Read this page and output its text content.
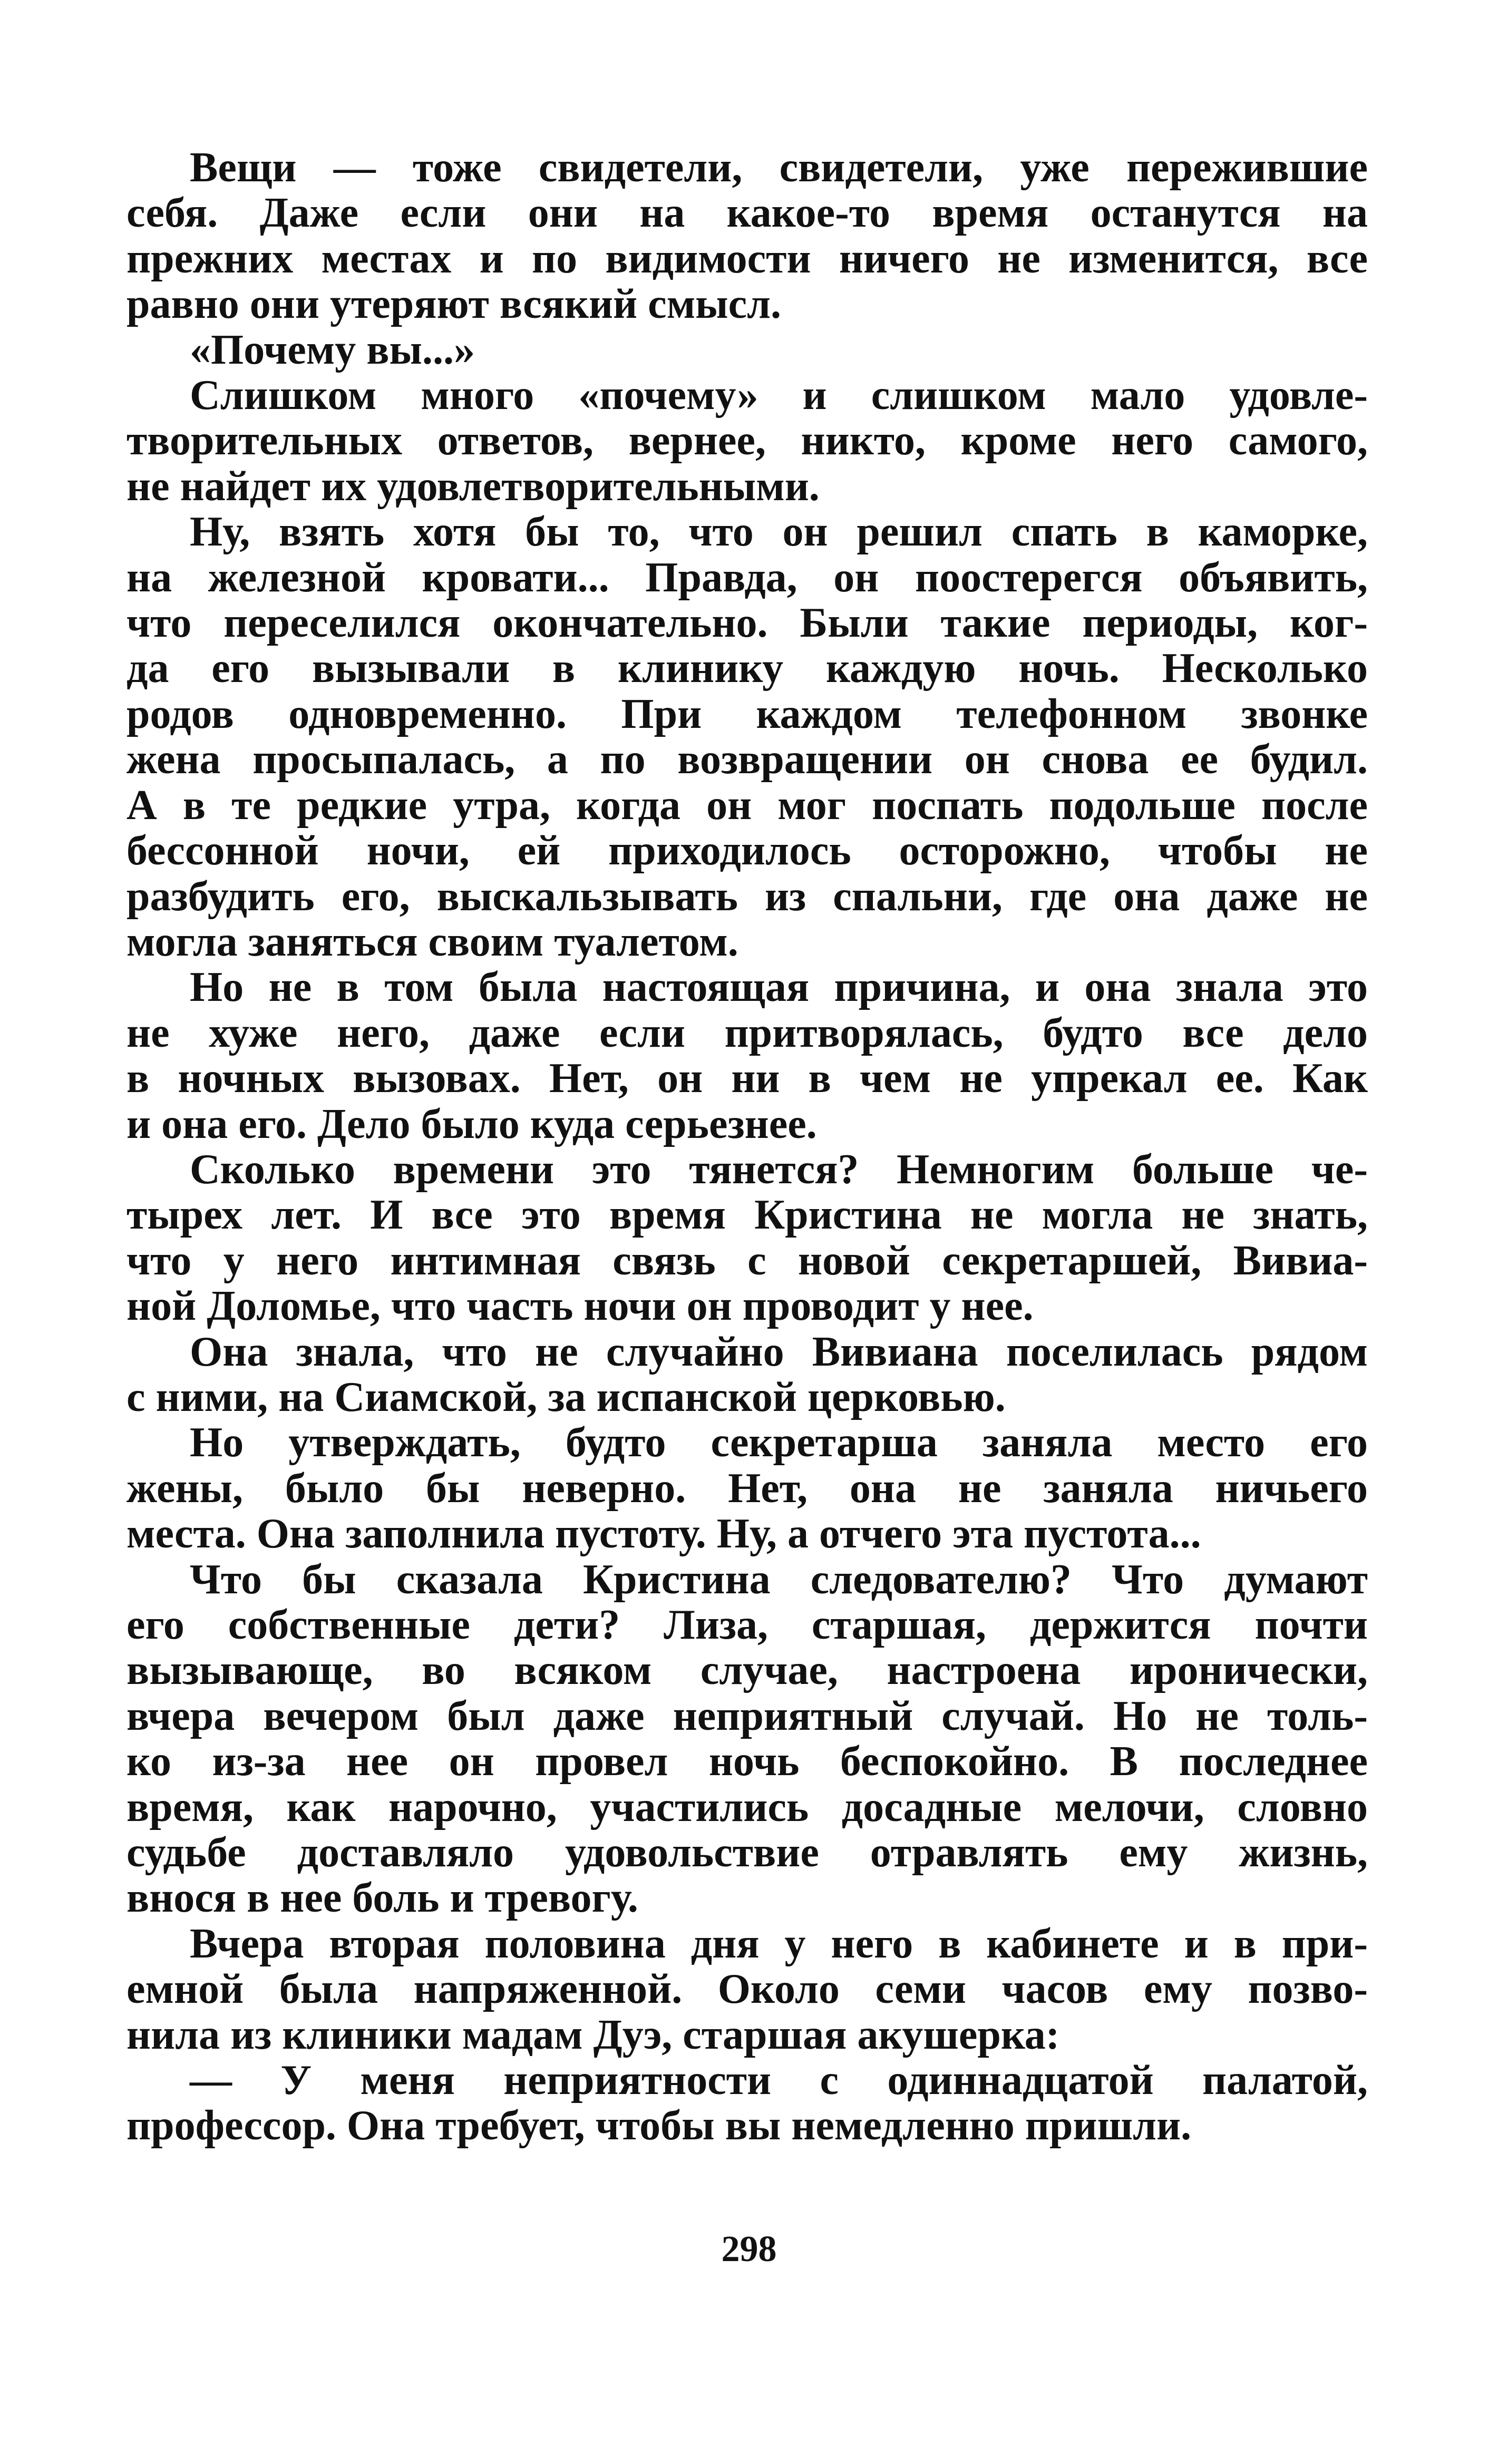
Вещи — тоже свидетели, свидетели, уже пережившие
себя. Даже если они на какое-то время останутся на
прежних местах и по видимости ничего не изменится, все
равно они утеряют всякий смысл.
«Почему вы...»
Слишком много «почему» и слишком мало удовле-
творительных ответов, вернее, никто, кроме него самого,
не найдет их удовлетворительными.
Ну, взять хотя бы то, что он решил спать в каморке,
на железной кровати... Правда, он поостерегся объявить,
что переселился окончательно. Были такие периоды, ког-
да его вызывали в клинику каждую ночь. Несколько
родов одновременно. При каждом телефонном звонке
жена просыпалась, а по возвращении он снова ее будил.
А в те редкие утра, когда он мог поспать подольше после
бессонной ночи, ей приходилось осторожно, чтобы не
разбудить его, выскальзывать из спальни, где она даже не
могла заняться своим туалетом.
Но не в том была настоящая причина, и она знала это
не хуже него, даже если притворялась, будто все дело
в ночных вызовах. Нет, он ни в чем не упрекал ее. Как
и она его. Дело было куда серьезнее.
Сколько времени это тянется? Немногим больше че-
тырех лет. И все это время Кристина не могла не знать,
что у него интимная связь с новой секретаршей, Вивиа-
ной Доломье, что часть ночи он проводит у нее.
Она знала, что не случайно Вивиана поселилась рядом
с ними, на Сиамской, за испанской церковью.
Но утверждать, будто секретарша заняла место его
жены, было бы неверно. Нет, она не заняла ничьего
места. Она заполнила пустоту. Ну, а отчего эта пустота...
Что бы сказала Кристина следователю? Что думают
его собственные дети? Лиза, старшая, держится почти
вызывающе, во всяком случае, настроена иронически,
вчера вечером был даже неприятный случай. Но не толь-
ко из-за нее он провел ночь беспокойно. В последнее
время, как нарочно, участились досадные мелочи, словно
судьбе доставляло удовольствие отравлять ему жизнь,
внося в нее боль и тревогу.
Вчера вторая половина дня у него в кабинете и в при-
емной была напряженной. Около семи часов ему позво-
нила из клиники мадам Дуэ, старшая акушерка:
— У меня неприятности с одиннадцатой палатой,
профессор. Она требует, чтобы вы немедленно пришли.
298
